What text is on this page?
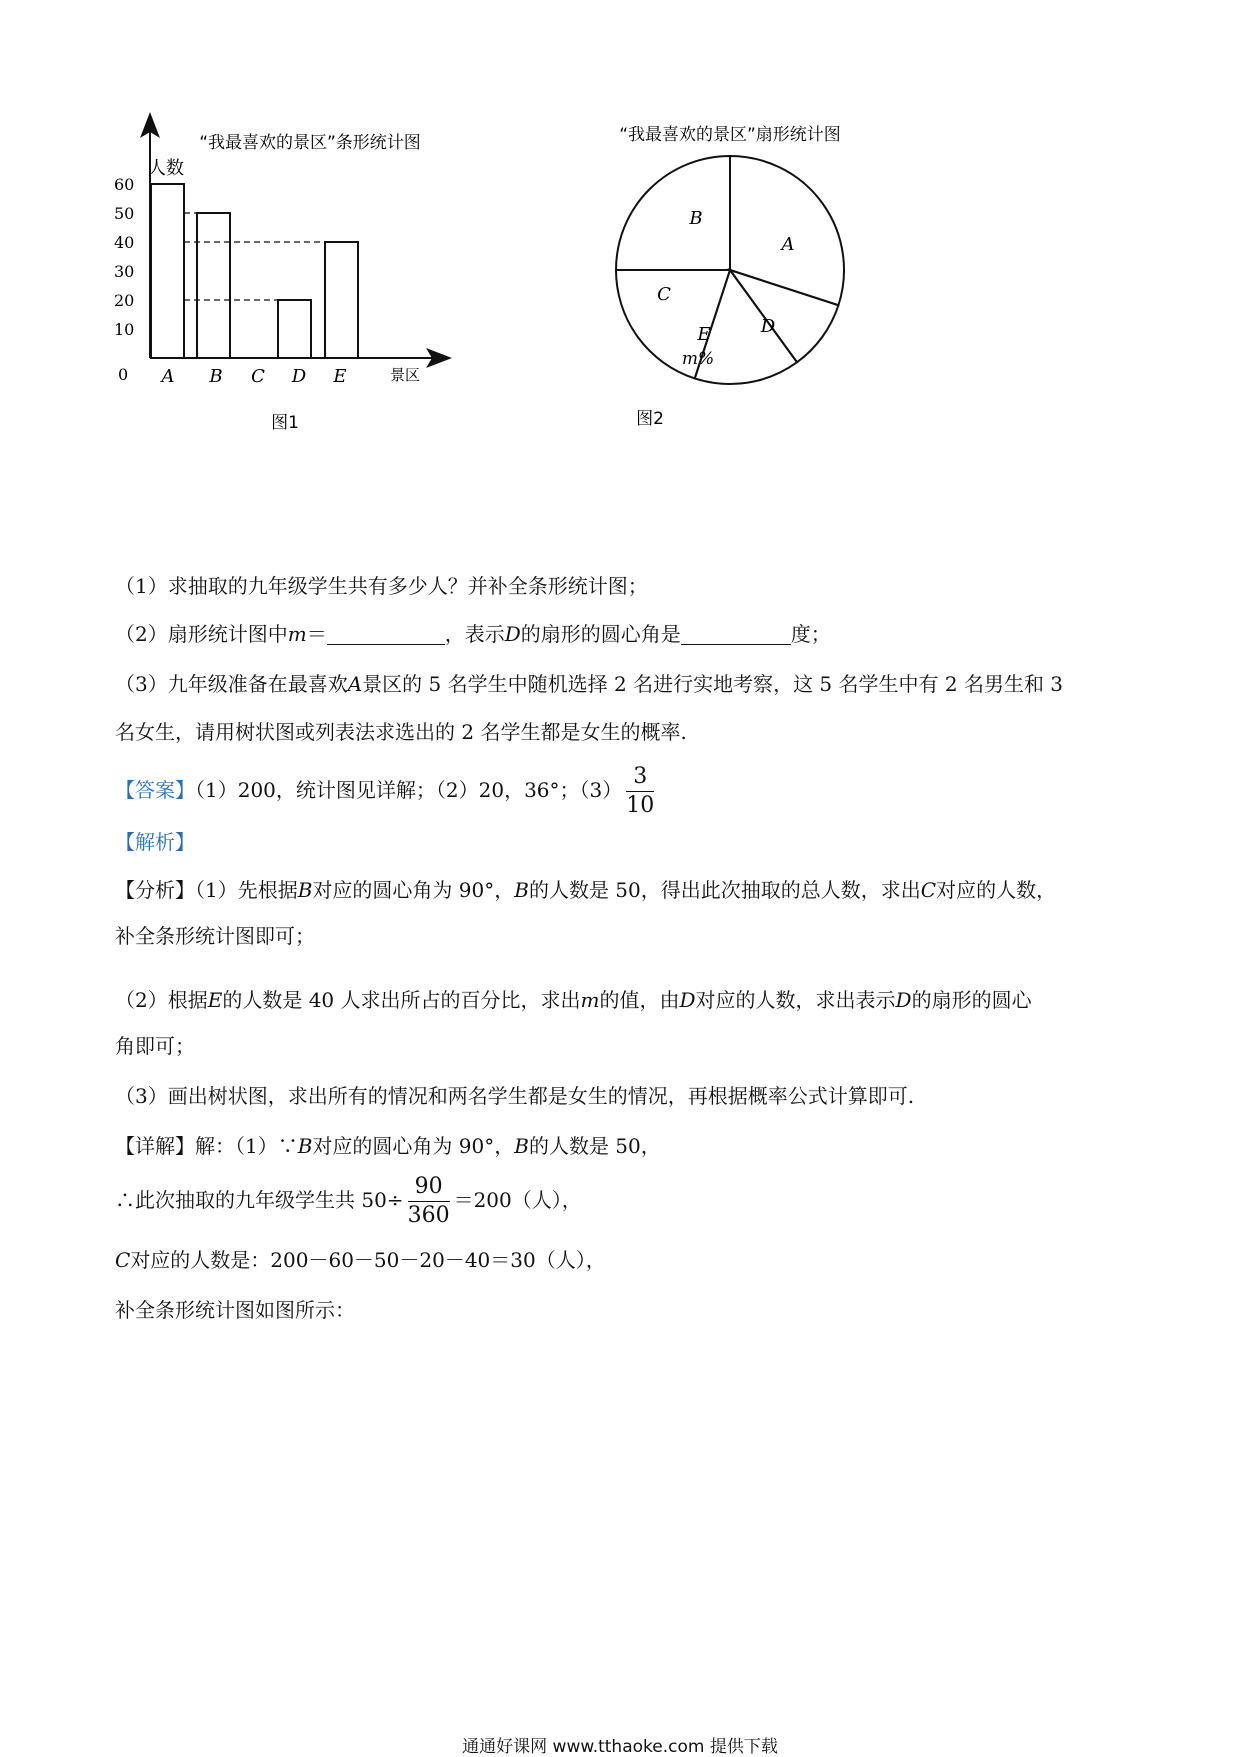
“我最喜欢的景区”条形统计图
人数
景区
0
10
20
30
40
50
60
A B C D E
图1
“我最喜欢的景区”扇形统计图
A
D
E
C
B
m%
图2
（1）求抽取的九年级学生共有多少人？并补全条形统计图；
（2）扇形统计图中m＝	，表示D的扇形的圆心角是	度；
（3）九年级准备在最喜欢A景区的 5 名学生中随机选择 2 名进行实地考察，这 5 名学生中有 2 名男生和 3
名女生，请用树状图或列表法求选出的 2 名学生都是女生的概率.
【答案】（1）200，统计图见详解；（2）20，36°；$(3) \frac{3}{10}$
【解析】
【分析】（1）先根据B对应的圆心角为 90°，B的人数是 50，得出此次抽取的总人数，求出C对应的人数，
补全条形统计图即可；
（2）根据E的人数是 40 人求出所占的百分比，求出m的值，由D对应的人数，求出表示D的扇形的圆心
角即可；
（3）画出树状图，求出所有的情况和两名学生都是女生的情况，再根据概率公式计算即可.
【详解】解：（1）∵B对应的圆心角为 90°，B的人数是 50，
∴此次抽取的九年级学生共 $50\div \frac{90}{360} =200$（人），
C对应的人数是：200－60－50－20－40＝30（人），
补全条形统计图如图所示：
通通好课网 www.tthaoke.com 提供下载
